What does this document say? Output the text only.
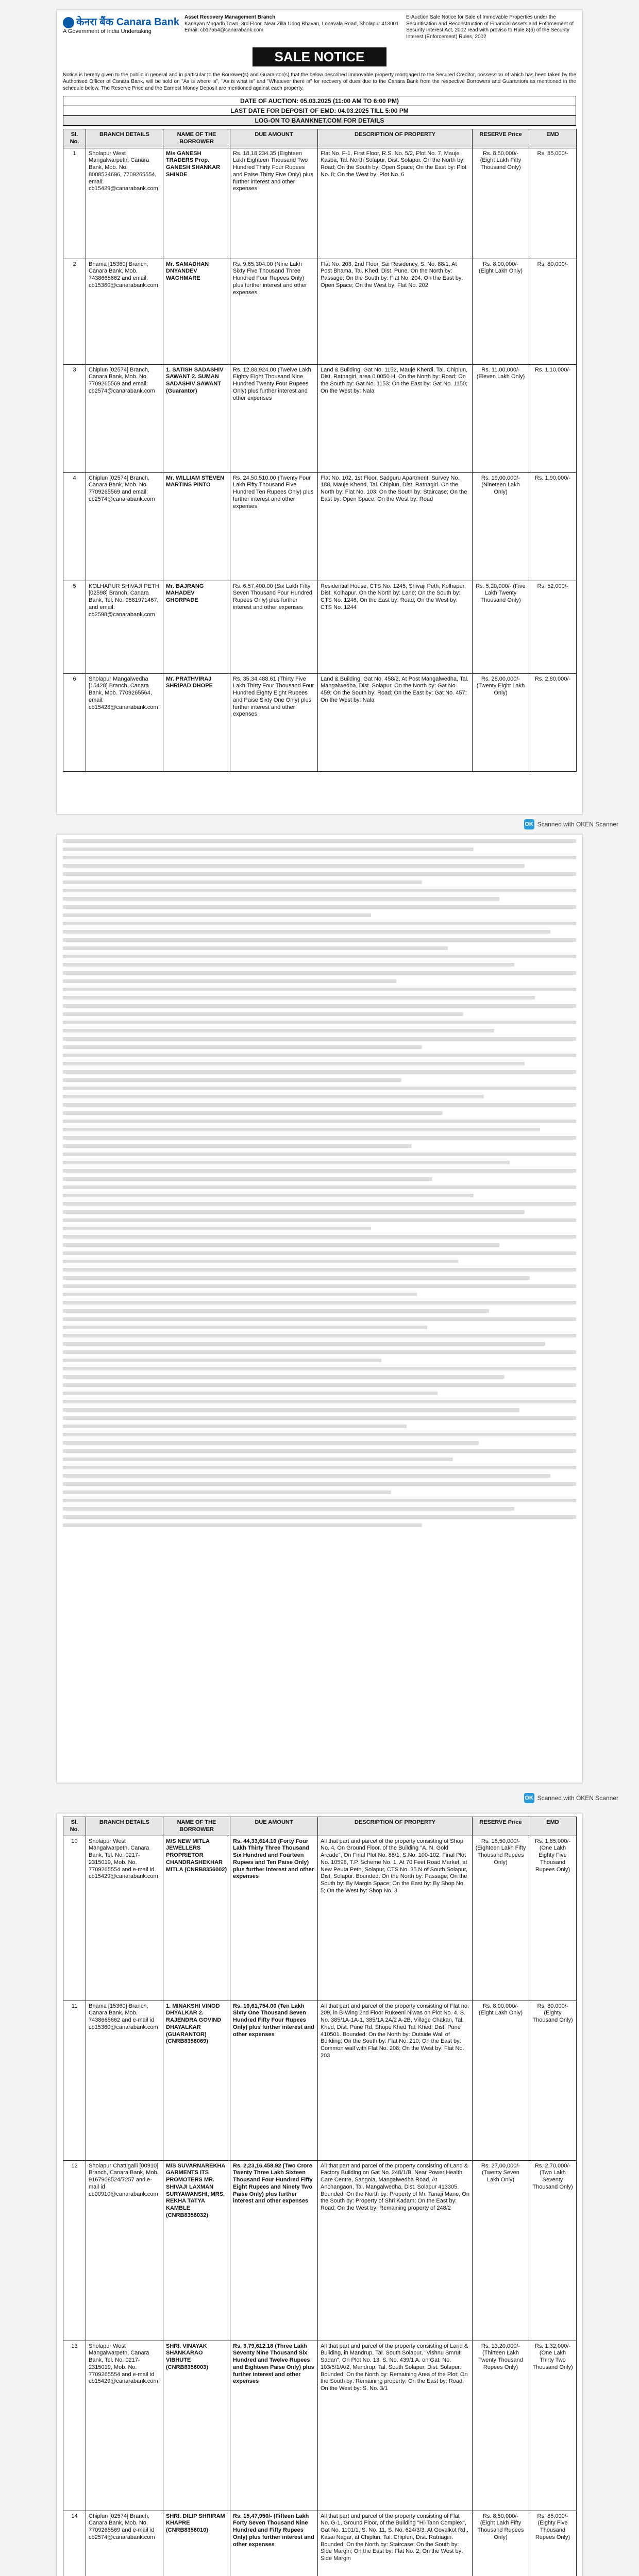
केनरा बैंक Canara Bank
A Government of India Undertaking
Asset Recovery Management Branch
Kanayan Mirgadh Town, 3rd Floor, Near Zilla Udog Bhavan, Lonavala Road, Sholapur 413001
Email: cb17554@canarabank.com
E-Auction Sale Notice for Sale of Immovable Properties under the Securitisation and Reconstruction of Financial Assets and Enforcement of Security Interest Act, 2002 read with proviso to Rule 8(6) of the Security Interest (Enforcement) Rules, 2002
SALE NOTICE
Notice is hereby given to the public in general and in particular to the Borrower(s) and Guarantor(s) that the below described immovable property mortgaged to the Secured Creditor, possession of which has been taken by the Authorised Officer of Canara Bank, will be sold on "As is where is", "As is what is" and "Whatever there is" for recovery of dues due to the Canara Bank from the respective Borrowers and Guarantors as mentioned in the schedule below. The Reserve Price and the Earnest Money Deposit are mentioned against each property.
DATE OF AUCTION: 05.03.2025 (11:00 AM TO 6:00 PM)
LAST DATE FOR DEPOSIT OF EMD: 04.03.2025 TILL 5:00 PM
LOG-ON TO BAANKNET.COM FOR DETAILS
Sl. No.	BRANCH DETAILS	NAME OF THE BORROWER	DUE AMOUNT	DESCRIPTION OF PROPERTY	RESERVE Price	EMD
1	Sholapur West Mangalwarpeth, Canara Bank, Mob. No. 8008534696, 7709265554, email: cb15429@canarabank.com	M/s GANESH TRADERS Prop. GANESH SHANKAR SHINDE	Rs. 18,18,234.35 (Eighteen Lakh Eighteen Thousand Two Hundred Thirty Four Rupees and Paise Thirty Five Only) plus further interest and other expenses	Flat No. F-1, First Floor, R.S. No. 5/2, Plot No. 7, Mauje Kasba, Tal. North Solapur, Dist. Solapur. On the North by: Road; On the South by: Open Space; On the East by: Plot No. 8; On the West by: Plot No. 6	Rs. 8,50,000/- (Eight Lakh Fifty Thousand Only)	Rs. 85,000/-
2	Bhama [15360] Branch, Canara Bank, Mob. 7438665662 and email: cb15360@canarabank.com	Mr. SAMADHAN DNYANDEV WAGHMARE	Rs. 9,65,304.00 (Nine Lakh Sixty Five Thousand Three Hundred Four Rupees Only) plus further interest and other expenses	Flat No. 203, 2nd Floor, Sai Residency, S. No. 88/1, At Post Bhama, Tal. Khed, Dist. Pune. On the North by: Passage; On the South by: Flat No. 204; On the East by: Open Space; On the West by: Flat No. 202	Rs. 8,00,000/- (Eight Lakh Only)	Rs. 80,000/-
3	Chiplun [02574] Branch, Canara Bank, Mob. No. 7709265569 and email: cb2574@canarabank.com	1. SATISH SADASHIV SAWANT 2. SUMAN SADASHIV SAWANT (Guarantor)	Rs. 12,88,924.00 (Twelve Lakh Eighty Eight Thousand Nine Hundred Twenty Four Rupees Only) plus further interest and other expenses	Land & Building, Gat No. 1152, Mauje Kherdi, Tal. Chiplun, Dist. Ratnagiri, area 0.0050 H. On the North by: Road; On the South by: Gat No. 1153; On the East by: Gat No. 1150; On the West by: Nala	Rs. 11,00,000/- (Eleven Lakh Only)	Rs. 1,10,000/-
4	Chiplun [02574] Branch, Canara Bank, Mob. No. 7709265569 and email: cb2574@canarabank.com	Mr. WILLIAM STEVEN MARTINS PINTO	Rs. 24,50,510.00 (Twenty Four Lakh Fifty Thousand Five Hundred Ten Rupees Only) plus further interest and other expenses	Flat No. 102, 1st Floor, Sadguru Apartment, Survey No. 188, Mauje Khend, Tal. Chiplun, Dist. Ratnagiri. On the North by: Flat No. 103; On the South by: Staircase; On the East by: Open Space; On the West by: Road	Rs. 19,00,000/- (Nineteen Lakh Only)	Rs. 1,90,000/-
5	KOLHAPUR SHIVAJI PETH [02598] Branch, Canara Bank, Tel. No. 9881971467, and email: cb2598@canarabank.com	Mr. BAJRANG MAHADEV GHORPADE	Rs. 6,57,400.00 (Six Lakh Fifty Seven Thousand Four Hundred Rupees Only) plus further interest and other expenses	Residential House, CTS No. 1245, Shivaji Peth, Kolhapur, Dist. Kolhapur. On the North by: Lane; On the South by: CTS No. 1246; On the East by: Road; On the West by: CTS No. 1244	Rs. 5,20,000/- (Five Lakh Twenty Thousand Only)	Rs. 52,000/-
6	Sholapur Mangalwedha [15428] Branch, Canara Bank, Mob. 7709265564, email: cb15428@canarabank.com	Mr. PRATHVIRAJ SHRIPAD DHOPE	Rs. 35,34,488.61 (Thirty Five Lakh Thirty Four Thousand Four Hundred Eighty Eight Rupees and Paise Sixty One Only) plus further interest and other expenses	Land & Building, Gat No. 458/2, At Post Mangalwedha, Tal. Mangalwedha, Dist. Solapur. On the North by: Gat No. 459; On the South by: Road; On the East by: Gat No. 457; On the West by: Nala	Rs. 28,00,000/- (Twenty Eight Lakh Only)	Rs. 2,80,000/-
OK Scanned with OKEN Scanner
OK Scanned with OKEN Scanner
Sl. No.	BRANCH DETAILS	NAME OF THE BORROWER	DUE AMOUNT	DESCRIPTION OF PROPERTY	RESERVE Price	EMD
10	Sholapur West Mangalwarpeth, Canara Bank, Tel. No. 0217-2315019, Mob. No. 7709265554 and e-mail id cb15429@canarabank.com	M/S NEW MITLA JEWELLERS PROPRIETOR CHANDRASHEKHAR MITLA (CNRB8356002)	Rs. 44,33,614.10 (Forty Four Lakh Thirty Three Thousand Six Hundred and Fourteen Rupees and Ten Paise Only) plus further interest and other expenses	All that part and parcel of the property consisting of Shop No. 4, On Ground Floor, of the Building "A. N. Gold Arcade", On Final Plot No. 88/1, S.No. 100-102, Final Plot No. 10598, T.P. Scheme No. 1, At 70 Feet Road Market, at New Peuta Peth, Solapur, CTS No. 35 N of South Solapur, Dist. Solapur. Bounded: On the North by: Passage; On the South by: By Margin Space; On the East by: By Shop No. 5; On the West by: Shop No. 3	Rs. 18,50,000/- (Eighteen Lakh Fifty Thousand Rupees Only)	Rs. 1,85,000/- (One Lakh Eighty Five Thousand Rupees Only)
11	Bhama [15360] Branch, Canara Bank, Mob. 7438665662 and e-mail id cb15360@canarabank.com	1. MINAKSHI VINOD DHYALKAR 2. RAJENDRA GOVIND DHAYALKAR (GUARANTOR) (CNRB8356069)	Rs. 10,61,754.00 (Ten Lakh Sixty One Thousand Seven Hundred Fifty Four Rupees Only) plus further interest and other expenses	All that part and parcel of the property consisting of Flat no. 209, in B-Wing 2nd Floor Rukeeni Niwas on Plot No. 4, S. No. 385/1A-1A-1, 385/1A 2A/2 A-2B, Village Chakan, Tal. Khed, Dist. Pune Rd, Shope Khed Tal. Khed, Dist. Pune 410501. Bounded: On the North by: Outside Wall of Building; On the South by: Flat No. 210; On the East by: Common wall with Flat No. 208; On the West by: Flat No. 203	Rs. 8,00,000/- (Eight Lakh Only)	Rs. 80,000/- (Eighty Thousand Only)
12	Sholapur Chattigalli [00910] Branch, Canara Bank, Mob. 9167908524/7257 and e-mail id cb00910@canarabank.com	M/S SUVARNAREKHA GARMENTS ITS PROMOTERS MR. SHIVAJI LAXMAN SURYAWANSHI, MRS. REKHA TATYA KAMBLE (CNRB8356032)	Rs. 2,23,16,458.92 (Two Crore Twenty Three Lakh Sixteen Thousand Four Hundred Fifty Eight Rupees and Ninety Two Paise Only) plus further interest and other expenses	All that part and parcel of the property consisting of Land & Factory Building on Gat No. 248/1/B, Near Power Health Care Centre, Sangola, Mangalwedha Road, At Anchangaon, Tal. Mangalwedha, Dist. Solapur 413305. Bounded: On the North by: Property of Mr. Tanaji Mane; On the South by: Property of Shri Kadam; On the East by: Road; On the West by: Remaining property of 248/2	Rs. 27,00,000/- (Twenty Seven Lakh Only)	Rs. 2,70,000/- (Two Lakh Seventy Thousand Only)
13	Sholapur West Mangalwarpeth, Canara Bank, Tel. No. 0217-2315019, Mob. No. 7709265554 and e-mail id cb15429@canarabank.com	SHRI. VINAYAK SHANKARAO VIBHUTE (CNRB8356003)	Rs. 3,79,612.18 (Three Lakh Seventy Nine Thousand Six Hundred and Twelve Rupees and Eighteen Paise Only) plus further interest and other expenses	All that part and parcel of the property consisting of Land & Building, in Mandrup, Tal. South Solapur, "Vishnu Smruti Sadan", On Plot No. 13, S. No. 439/1 A. on Gat. No. 103/5/1/A/2, Mandrup, Tal. South Solapur, Dist. Solapur. Bounded: On the North by: Remaining Area of the Plot; On the South by: Remaining property; On the East by: Road; On the West by: S. No. 3/1	Rs. 13,20,000/- (Thirteen Lakh Twenty Thousand Rupees Only)	Rs. 1,32,000/- (One Lakh Thirty Two Thousand Only)
14	Chiplun [02574] Branch, Canara Bank, Mob. No. 7709265569 and e-mail id cb2574@canarabank.com	SHRI. DILIP SHRIRAM KHAPRE (CNRB8356010)	Rs. 15,47,950/- (Fifteen Lakh Forty Seven Thousand Nine Hundred and Fifty Rupees Only) plus further interest and other expenses	All that part and parcel of the property consisting of Flat No. G-1, Ground Floor, of the Building "Hi-Tann Complex", Gat No. 1101/1, S. No. 11, S. No. 624/3/3, At Govalkot Rd., Kasai Nagar, at Chiplun, Tal. Chiplun, Dist. Ratnagiri. Bounded: On the North by: Staircase; On the South by: Side Margin; On the East by: Flat No. 2; On the West by: Side Margin	Rs. 8,50,000/- (Eight Lakh Fifty Thousand Rupees Only)	Rs. 85,000/- (Eighty Five Thousand Rupees Only)
